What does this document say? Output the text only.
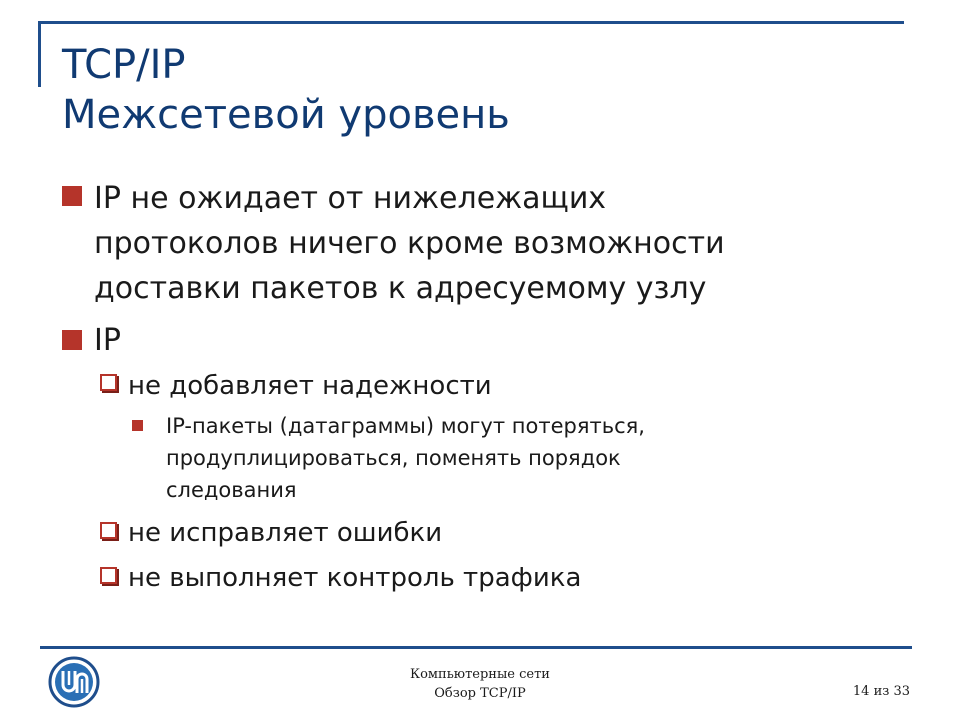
TCP/IP
Межсетевой уровень
IP не ожидает от нижележащих
протоколов ничего кроме возможности
доставки пакетов к адресуемому узлу
IP
не добавляет надежности
IP-пакеты (датаграммы) могут потеряться,
продуплицироваться, поменять порядок
следования
не исправляет ошибки
не выполняет контроль трафика
Компьютерные сети
Обзор TCP/IP	14 из 33
